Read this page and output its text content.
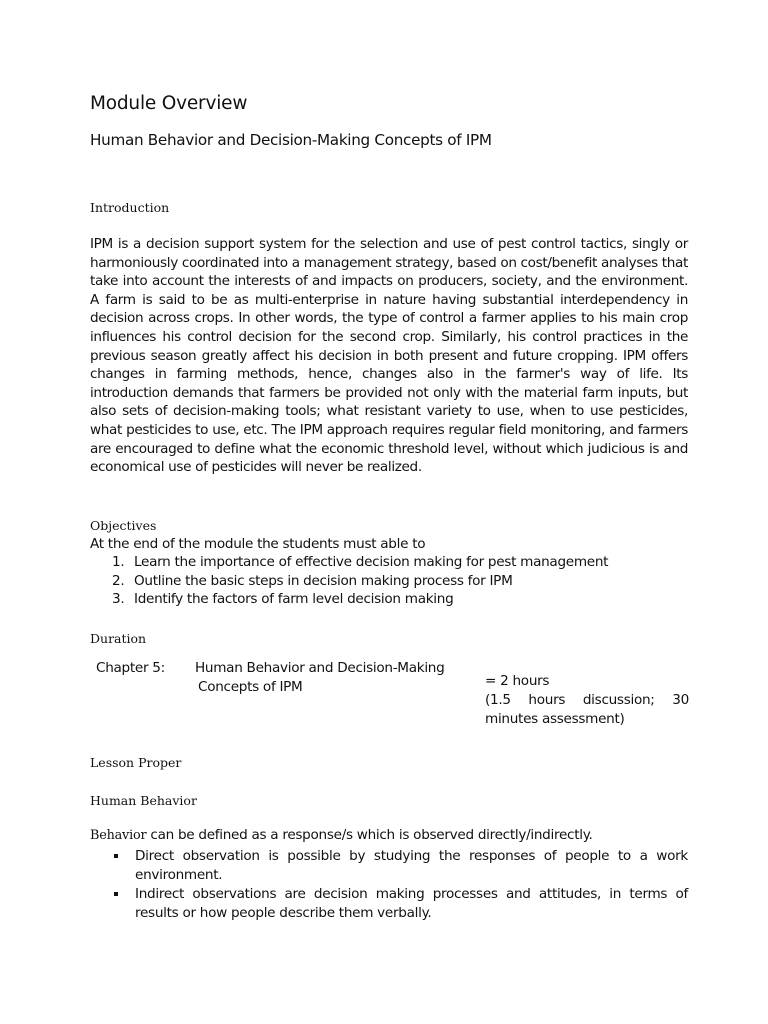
Module Overview
Human Behavior and Decision-Making Concepts of IPM
Introduction

IPM is a decision support system for the selection and use of pest control tactics, singly or harmoniously coordinated into a management strategy, based on cost/benefit analyses that take into account the interests of and impacts on producers, society, and the environment. A farm is said to be as multi-enterprise in nature having substantial interdependency in decision across crops. In other words, the type of control a farmer applies to his main crop influences his control decision for the second crop. Similarly, his control practices in the previous season greatly affect his decision in both present and future cropping. IPM offers changes in farming methods, hence, changes also in the farmer's way of life. Its introduction demands that farmers be provided not only with the material farm inputs, but also sets of decision-making tools; what resistant variety to use, when to use pesticides, what pesticides to use, etc. The IPM approach requires regular field monitoring, and farmers are encouraged to define what the economic threshold level, without which judicious is and economical use of pesticides will never be realized.

Objectives
At the end of the module the students must able to
1. Learn the importance of effective decision making for pest management
2. Outline the basic steps in decision making process for IPM
3. Identify the factors of farm level decision making
Duration
Chapter 5: Human Behavior and Decision-Making
Concepts of IPM	= 2 hours
(1.5 hours discussion; 30 minutes assessment)
Lesson Proper
Human Behavior
Behavior can be defined as a response/s which is observed directly/indirectly.
Direct observation is possible by studying the responses of people to a work environment.
Indirect observations are decision making processes and attitudes, in terms of results or how people describe them verbally.
